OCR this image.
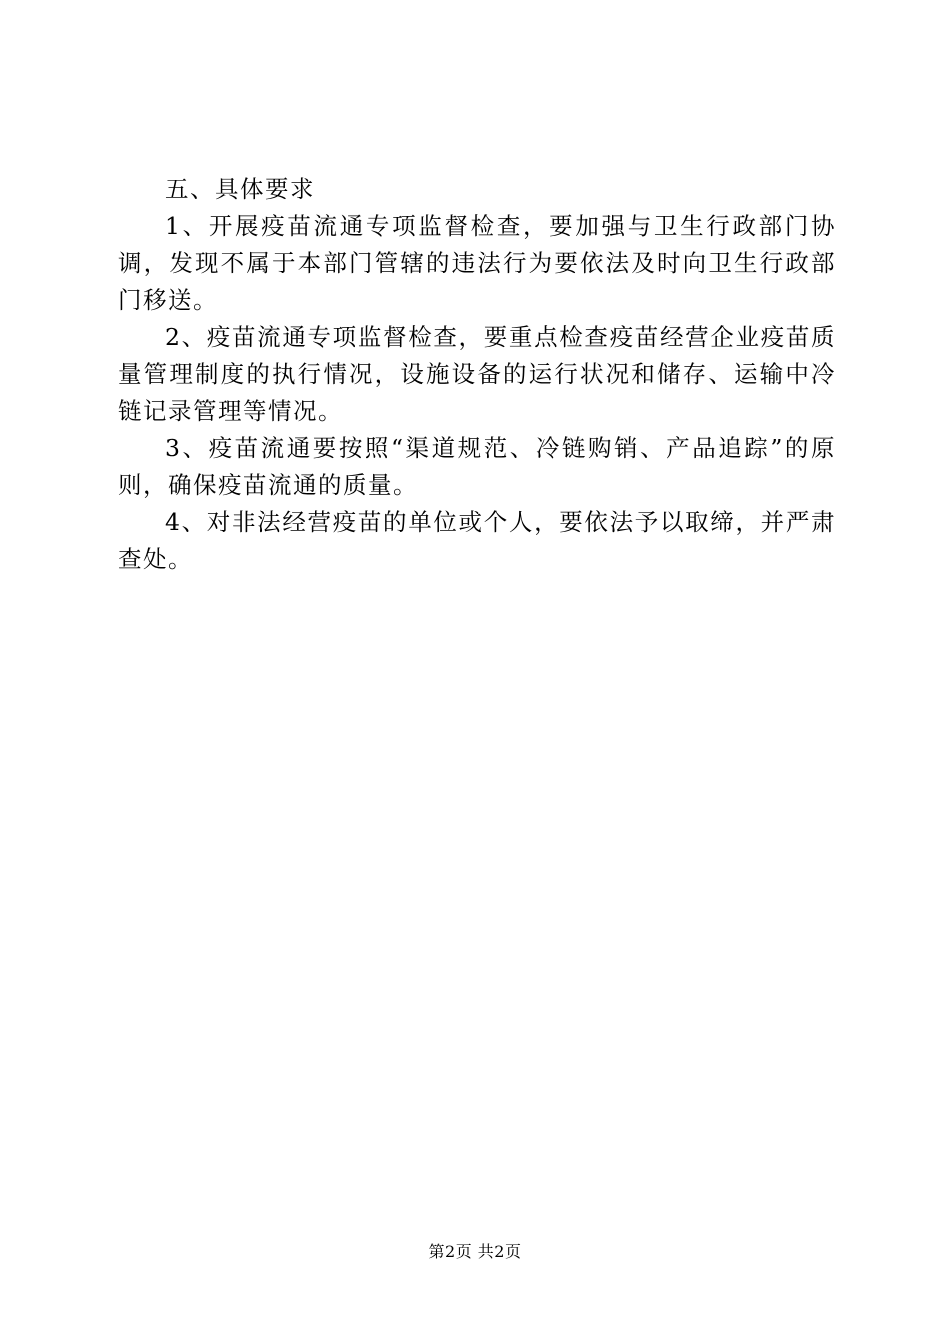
五、具体要求

1、开展疫苗流通专项监督检查，要加强与卫生行政部门协调，发现不属于本部门管辖的违法行为要依法及时向卫生行政部门移送。

2、疫苗流通专项监督检查，要重点检查疫苗经营企业疫苗质量管理制度的执行情况，设施设备的运行状况和储存、运输中冷链记录管理等情况。

3、疫苗流通要按照“渠道规范、冷链购销、产品追踪”的原则，确保疫苗流通的质量。

4、对非法经营疫苗的单位或个人，要依法予以取缔，并严肃查处。

第2页 共2页
